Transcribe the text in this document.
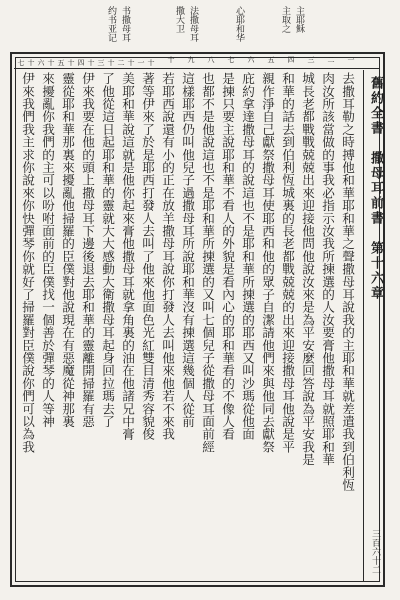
主耶稣
主取之
心耶和华
法撒母耳
撒大卫
书撒母耳
约书亚记
一
二
三
四
五
六
七
八
九
十
十一
十二
十三
十四
十五
十六
十七
舊約全書　撒母耳前書　第十六章
三百六十二
去撒耳勒之時搏他和華耶和華之聲撒母耳說我的主耶和華就差遣我到伯利恆
肉汝所該當做的事我必指示汝我所揀選的人汝要膏他撒母耳就照耶和華
城長老都戰戰兢兢出來迎接他問他說汝來是為平安麼回答說為平安我是
和華的話去到伯利恆城裏的長老都戰兢兢的出來迎接撒母耳他說是平
親作淨自己獻祭撒母耳使耶西和他的眾子自潔請他們來與他同去獻祭
庇約拿達撒母耳的說這也不是耶和華所揀選的耶西又叫沙瑪從他面
是揀只要主說耶和華不看人的外貌是看內心的耶和華看的不像人看
也都不是他說這也不是耶和華所揀選的又叫七個兒子從撒母耳面前經
這樣耶西仍叫他兒子過撒母耳所說耶和華沒有揀選這幾個人從前
若耶西說還有小的正在放羊撒母耳說你打發人去叫他來他若不來我
著等伊來了於是耶西打發人去叫了他來他面色光紅雙目清秀容貌俊
美耶和華說這就是他你起來膏他撒母耳就拿角裏的油在他諸兄中膏
了他從這日起耶和華的靈就大大感動大衛撒母耳起身回拉瑪去了
伊來我要在他的頭上撒母耳下邊後退去耶和華的靈離開掃羅有惡
靈從耶和華那裏來擾亂他掃羅的臣僕對他說現在有惡魔從神那裏
來擾亂你我們的主可以吩咐面前的臣僕找一個善於彈琴的人等神
伊來我們我主求你說來你快彈琴你就好了掃羅對臣僕說你們可以為我
